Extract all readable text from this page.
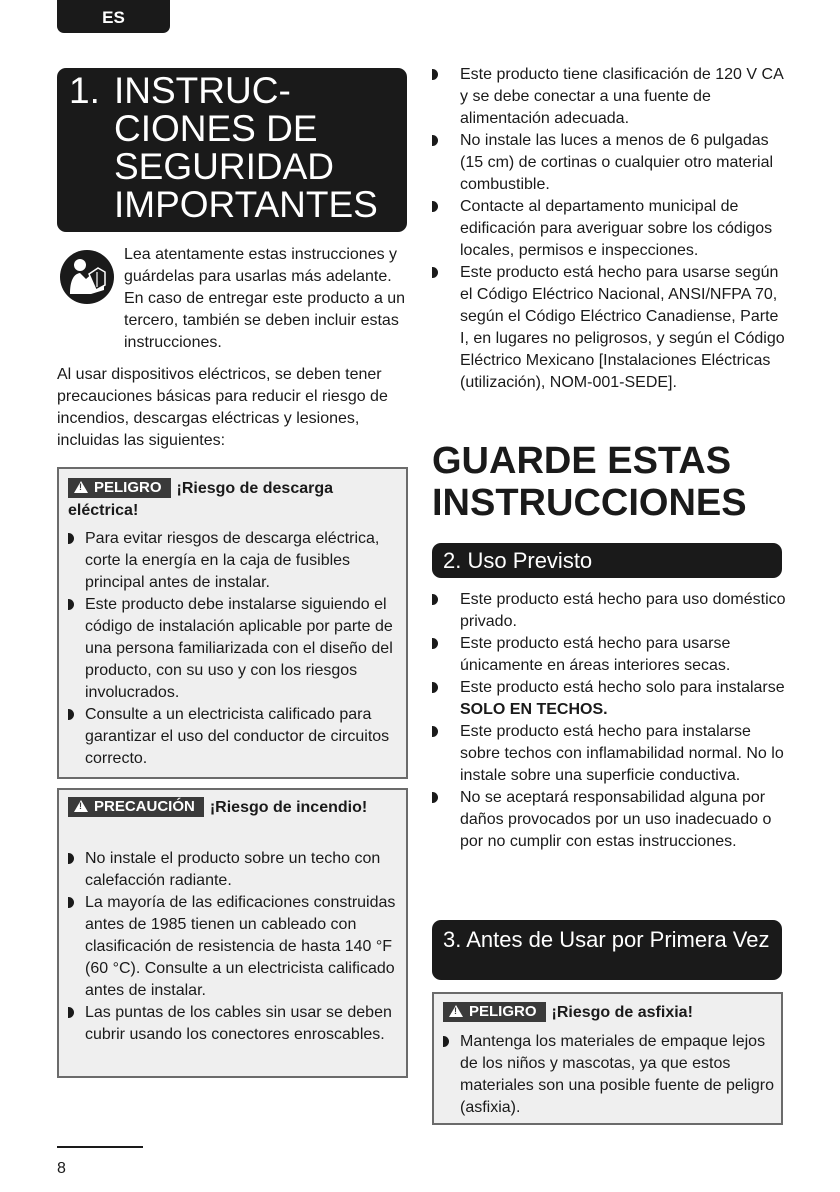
ES
1. INSTRUC-
CIONES DE
SEGURIDAD
IMPORTANTES
Lea atentamente estas instrucciones y guárdelas para usarlas más adelante. En caso de entregar este producto a un tercero, también se deben incluir estas instrucciones.
Al usar dispositivos eléctricos, se deben tener precauciones básicas para reducir el riesgo de incendios, descargas eléctricas y lesiones, incluidas las siguientes:
!PELIGRO ¡Riesgo de descarga eléctrica!
Para evitar riesgos de descarga eléctrica, corte la energía en la caja de fusibles principal antes de instalar.
Este producto debe instalarse siguiendo el código de instalación aplicable por parte de una persona familiarizada con el diseño del producto, con su uso y con los riesgos involucrados.
Consulte a un electricista calificado para garantizar el uso del conductor de circuitos correcto.
!PRECAUCIÓN ¡Riesgo de incendio!
No instale el producto sobre un techo con calefacción radiante.
La mayoría de las edificaciones construidas antes de 1985 tienen un cableado con clasificación de resistencia de hasta 140 °F (60 °C). Consulte a un electricista calificado antes de instalar.
Las puntas de los cables sin usar se deben cubrir usando los conectores enroscables.
Este producto tiene clasificación de 120 V CA y se debe conectar a una fuente de alimentación adecuada.
No instale las luces a menos de 6 pulgadas (15 cm) de cortinas o cualquier otro material combustible.
Contacte al departamento municipal de edificación para averiguar sobre los códigos locales, permisos e inspecciones.
Este producto está hecho para usarse según el Código Eléctrico Nacional, ANSI/NFPA 70, según el Código Eléctrico Canadiense, Parte I, en lugares no peligrosos, y según el Código Eléctrico Mexicano [Instalaciones Eléctricas (utilización), NOM-001-SEDE].
GUARDE ESTAS INSTRUCCIONES
2. Uso Previsto
Este producto está hecho para uso doméstico privado.
Este producto está hecho para usarse únicamente en áreas interiores secas.
Este producto está hecho solo para instalarse SOLO EN TECHOS.
Este producto está hecho para instalarse sobre techos con inflamabilidad normal. No lo instale sobre una superficie conductiva.
No se aceptará responsabilidad alguna por daños provocados por un uso inadecuado o por no cumplir con estas instrucciones.
3. Antes de Usar por Primera Vez
!PELIGRO ¡Riesgo de asfixia!
Mantenga los materiales de empaque lejos de los niños y mascotas, ya que estos materiales son una posible fuente de peligro (asfixia).
8
